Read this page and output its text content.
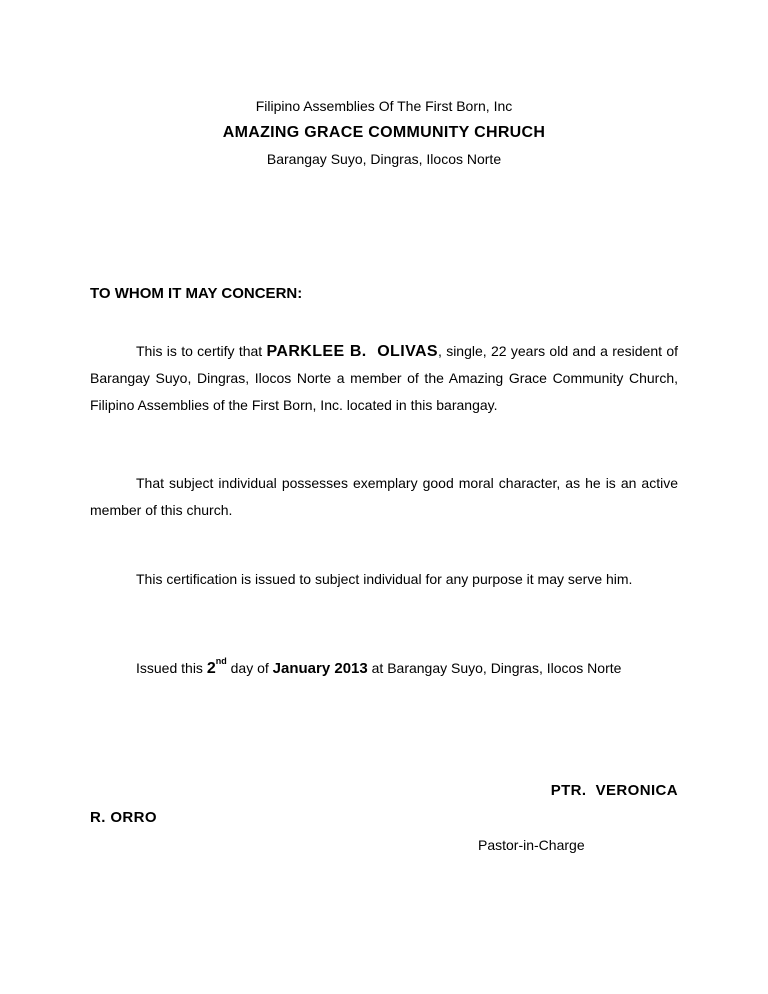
Filipino Assemblies Of The First Born, Inc
AMAZING GRACE COMMUNITY CHRUCH
Barangay Suyo, Dingras, Ilocos Norte
TO WHOM IT MAY CONCERN:
This is to certify that PARKLEE B.  OLIVAS, single, 22 years old and a resident of Barangay Suyo, Dingras, Ilocos Norte a member of the Amazing Grace Community Church, Filipino Assemblies of the First Born, Inc. located in this barangay.
That subject individual possesses exemplary good moral character, as he is an active member of this church.
This certification is issued to subject individual for any purpose it may serve him.
Issued this 2nd day of January 2013 at Barangay Suyo, Dingras, Ilocos Norte
PTR.  VERONICA
R. ORRO
Pastor-in-Charge
